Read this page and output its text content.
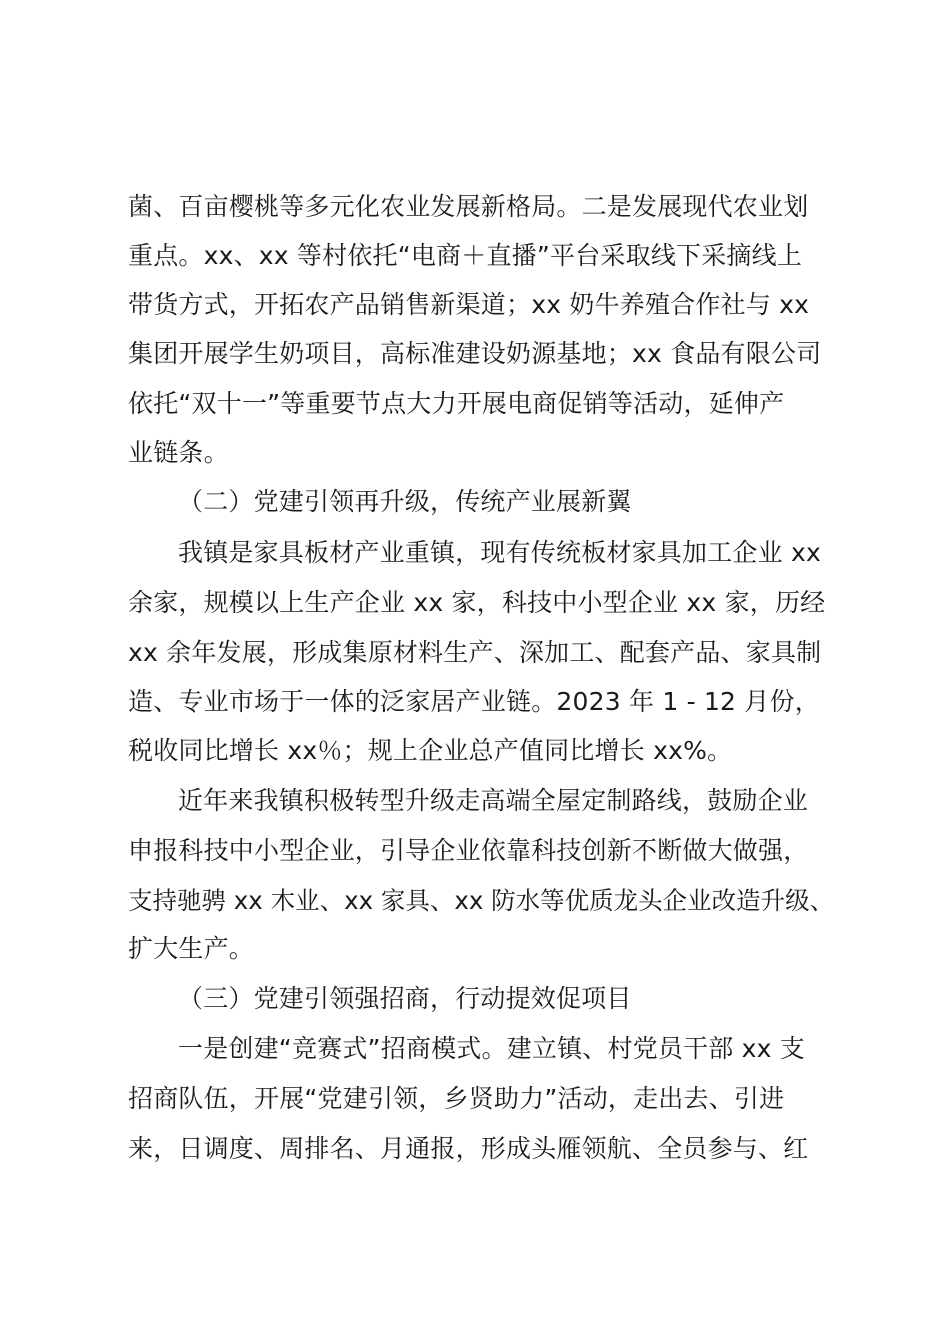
菌、百亩樱桃等多元化农业发展新格局。二是发展现代农业划
重点。xx、xx 等村依托“电商＋直播”平台采取线下采摘线上
带货方式，开拓农产品销售新渠道；xx 奶牛养殖合作社与 xx
集团开展学生奶项目，高标准建设奶源基地；xx 食品有限公司
依托“双十一”等重要节点大力开展电商促销等活动，延伸产
业链条。
（二）党建引领再升级，传统产业展新翼
我镇是家具板材产业重镇，现有传统板材家具加工企业 xx
余家，规模以上生产企业 xx 家，科技中小型企业 xx 家，历经
xx 余年发展，形成集原材料生产、深加工、配套产品、家具制
造、专业市场于一体的泛家居产业链。2023 年 1 - 12 月份，
税收同比增长 xx％；规上企业总产值同比增长 xx%。
近年来我镇积极转型升级走高端全屋定制路线，鼓励企业
申报科技中小型企业，引导企业依靠科技创新不断做大做强，
支持驰骋 xx 木业、xx 家具、xx 防水等优质龙头企业改造升级、
扩大生产。
（三）党建引领强招商，行动提效促项目
一是创建“竞赛式”招商模式。建立镇、村党员干部 xx 支
招商队伍，开展“党建引领，乡贤助力”活动，走出去、引进
来，日调度、周排名、月通报，形成头雁领航、全员参与、红
